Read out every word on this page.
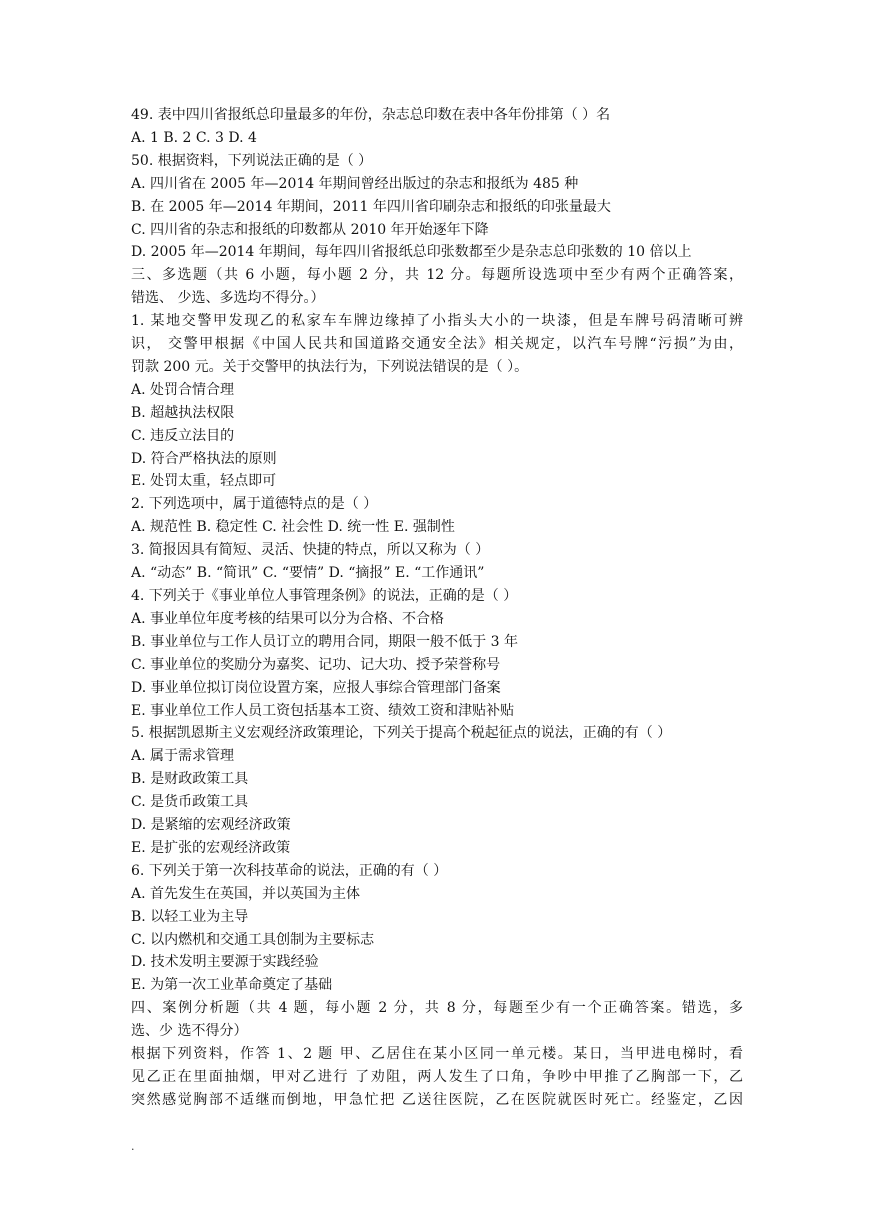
49. 表中四川省报纸总印量最多的年份，杂志总印数在表中各年份排第（ ）名
A. 1 B. 2 C. 3 D. 4
50. 根据资料，下列说法正确的是（ ）
A. 四川省在 2005 年—2014 年期间曾经出版过的杂志和报纸为 485 种
B. 在 2005 年—2014 年期间，2011 年四川省印刷杂志和报纸的印张量最大
C. 四川省的杂志和报纸的印数都从 2010 年开始逐年下降
D. 2005 年—2014 年期间，每年四川省报纸总印张数都至少是杂志总印张数的 10 倍以上
三、多选题（共 6 小题，每小题 2 分，共 12 分。每题所设选项中至少有两个正确答案，
错选、 少选、多选均不得分。）
1. 某地交警甲发现乙的私家车车牌边缘掉了小指头大小的一块漆，但是车牌号码清晰可辨
识， 交警甲根据《中国人民共和国道路交通安全法》相关规定，以汽车号牌“污损”为由，
罚款 200 元。关于交警甲的执法行为，下列说法错误的是（ ）。
A. 处罚合情合理
B. 超越执法权限
C. 违反立法目的
D. 符合严格执法的原则
E. 处罚太重，轻点即可
2. 下列选项中，属于道德特点的是（ ）
A. 规范性 B. 稳定性 C. 社会性 D. 统一性 E. 强制性
3. 简报因具有简短、灵活、快捷的特点，所以又称为（ ）
A. “动态” B. “简讯” C. “要情” D. “摘报” E. “工作通讯”
4. 下列关于《事业单位人事管理条例》的说法，正确的是（ ）
A. 事业单位年度考核的结果可以分为合格、不合格
B. 事业单位与工作人员订立的聘用合同，期限一般不低于 3 年
C. 事业单位的奖励分为嘉奖、记功、记大功、授予荣誉称号
D. 事业单位拟订岗位设置方案，应报人事综合管理部门备案
E. 事业单位工作人员工资包括基本工资、绩效工资和津贴补贴
5. 根据凯恩斯主义宏观经济政策理论，下列关于提高个税起征点的说法，正确的有（ ）
A. 属于需求管理
B. 是财政政策工具
C. 是货币政策工具
D. 是紧缩的宏观经济政策
E. 是扩张的宏观经济政策
6. 下列关于第一次科技革命的说法，正确的有（ ）
A. 首先发生在英国，并以英国为主体
B. 以轻工业为主导
C. 以内燃机和交通工具创制为主要标志
D. 技术发明主要源于实践经验
E. 为第一次工业革命奠定了基础
四、案例分析题（共 4 题，每小题 2 分，共 8 分，每题至少有一个正确答案。错选，多
选、少 选不得分）
根据下列资料，作答 1、2 题 甲、乙居住在某小区同一单元楼。某日，当甲进电梯时，看
见乙正在里面抽烟，甲对乙进行 了劝阻，两人发生了口角，争吵中甲推了乙胸部一下，乙
突然感觉胸部不适继而倒地，甲急忙把 乙送往医院，乙在医院就医时死亡。经鉴定，乙因
.
